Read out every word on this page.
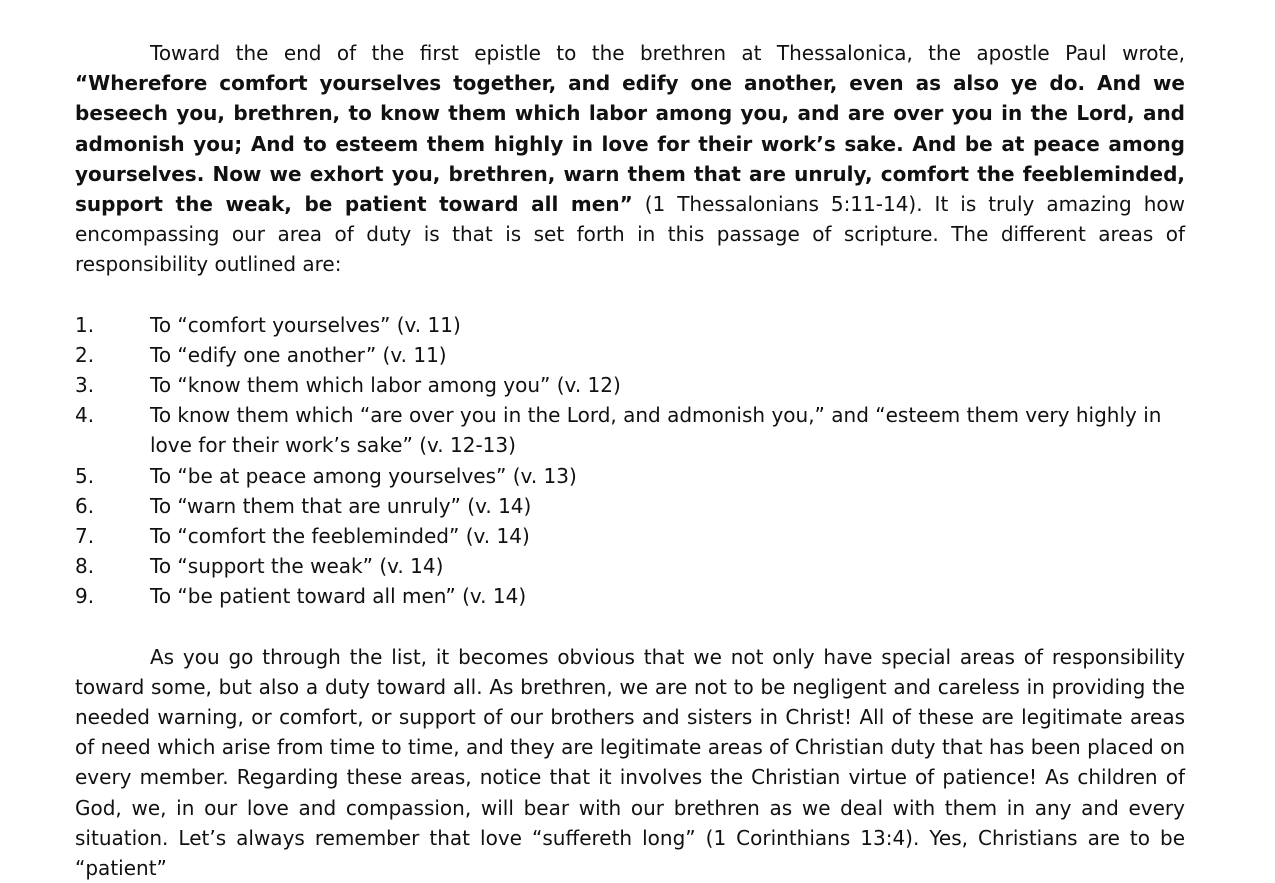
Toward the end of the first epistle to the brethren at Thessalonica, the apostle Paul wrote, “Wherefore comfort yourselves together, and edify one another, even as also ye do. And we beseech you, brethren, to know them which labor among you, and are over you in the Lord, and admonish you; And to esteem them highly in love for their work’s sake. And be at peace among yourselves. Now we exhort you, brethren, warn them that are unruly, comfort the feebleminded, support the weak, be patient toward all men” (1 Thessalonians 5:11-14). It is truly amazing how encompassing our area of duty is that is set forth in this passage of scripture. The different areas of responsibility outlined are:

1.	To “comfort yourselves” (v. 11)
2.	To “edify one another” (v. 11)
3.	To “know them which labor among you” (v. 12)
4.	To know them which “are over you in the Lord, and admonish you,” and “esteem them very highly in love for their work’s sake” (v. 12-13)
5.	To “be at peace among yourselves” (v. 13)
6.	To “warn them that are unruly” (v. 14)
7.	To “comfort the feebleminded” (v. 14)
8.	To “support the weak” (v. 14)
9.	To “be patient toward all men” (v. 14)

As you go through the list, it becomes obvious that we not only have special areas of responsibility toward some, but also a duty toward all. As brethren, we are not to be negligent and careless in providing the needed warning, or comfort, or support of our brothers and sisters in Christ! All of these are legitimate areas of need which arise from time to time, and they are legitimate areas of Christian duty that has been placed on every member. Regarding these areas, notice that it involves the Christian virtue of patience! As children of God, we, in our love and compassion, will bear with our brethren as we deal with them in any and every situation. Let’s always remember that love “suffereth long” (1 Corinthians 13:4). Yes, Christians are to be “patient”
